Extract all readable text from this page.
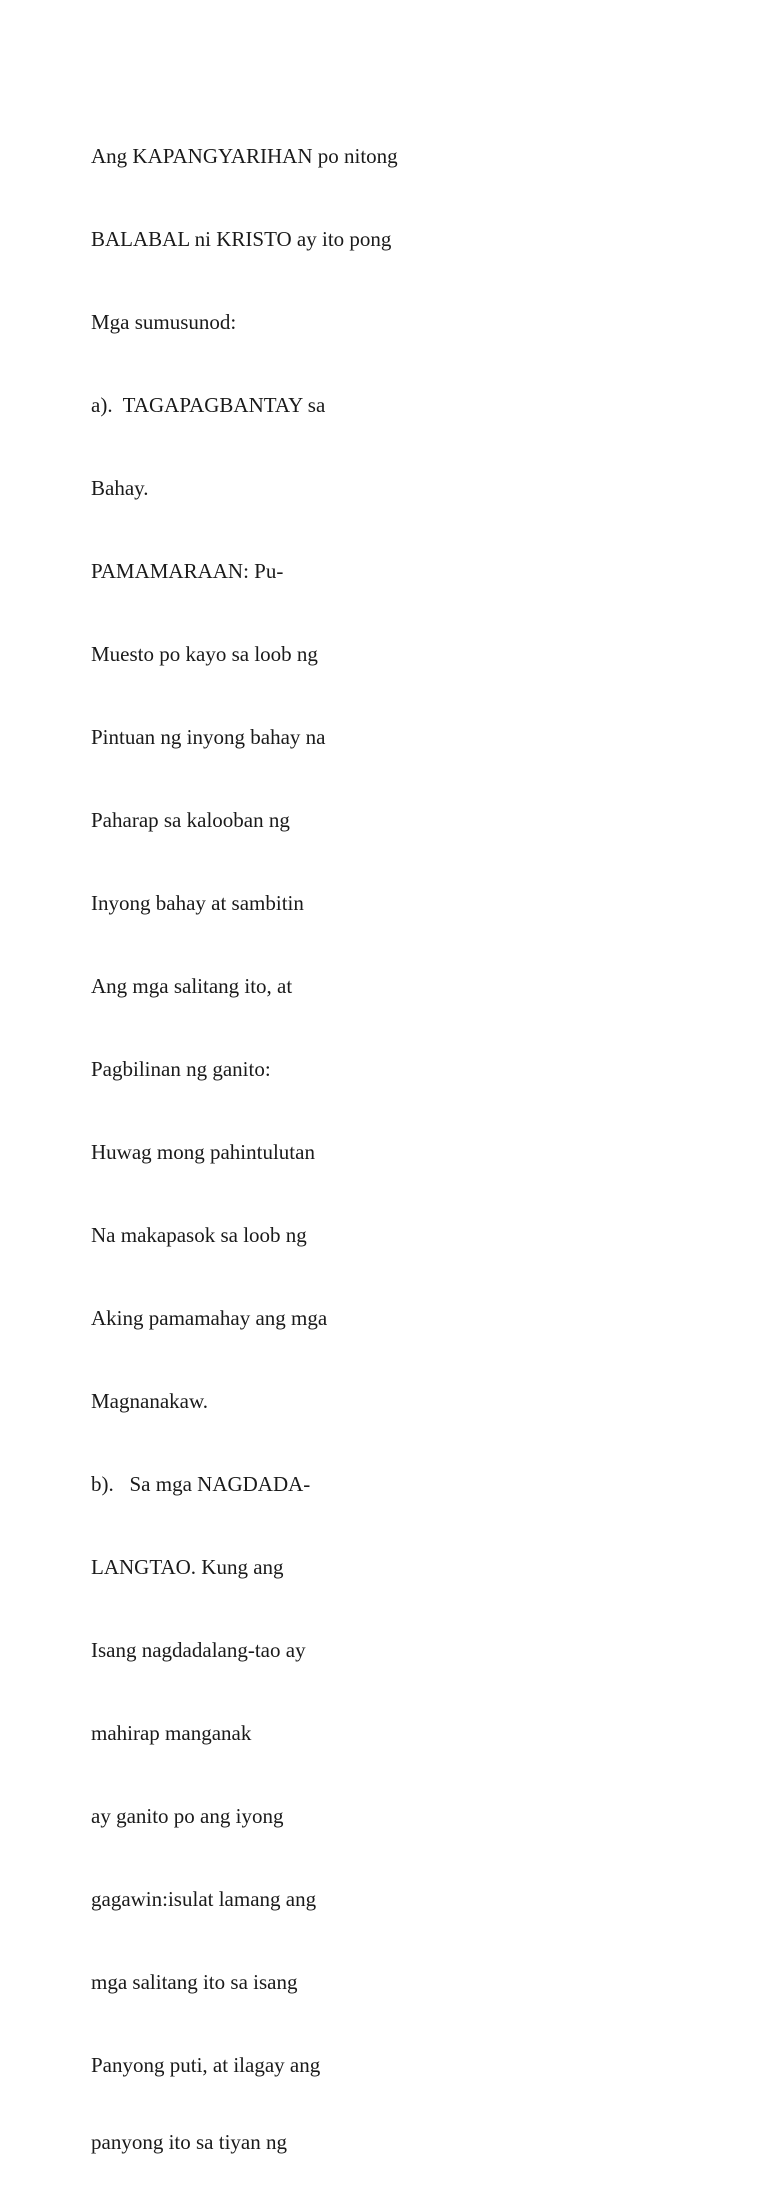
Ang KAPANGYARIHAN po nitong

BALABAL ni KRISTO ay ito pong

Mga sumusunod:

a).  TAGAPAGBANTAY sa

Bahay.

PAMAMARAAN: Pu-

Muesto po kayo sa loob ng

Pintuan ng inyong bahay na

Paharap sa kalooban ng

Inyong bahay at sambitin

Ang mga salitang ito, at

Pagbilinan ng ganito:

Huwag mong pahintulutan

Na makapasok sa loob ng

Aking pamamahay ang mga

Magnanakaw.

b).   Sa mga NAGDADA-

LANGTAO. Kung ang

Isang nagdadalang-tao ay

mahirap manganak

ay ganito po ang iyong

gagawin:isulat lamang ang

mga salitang ito sa isang

Panyong puti, at ilagay ang

panyong ito sa tiyan ng
